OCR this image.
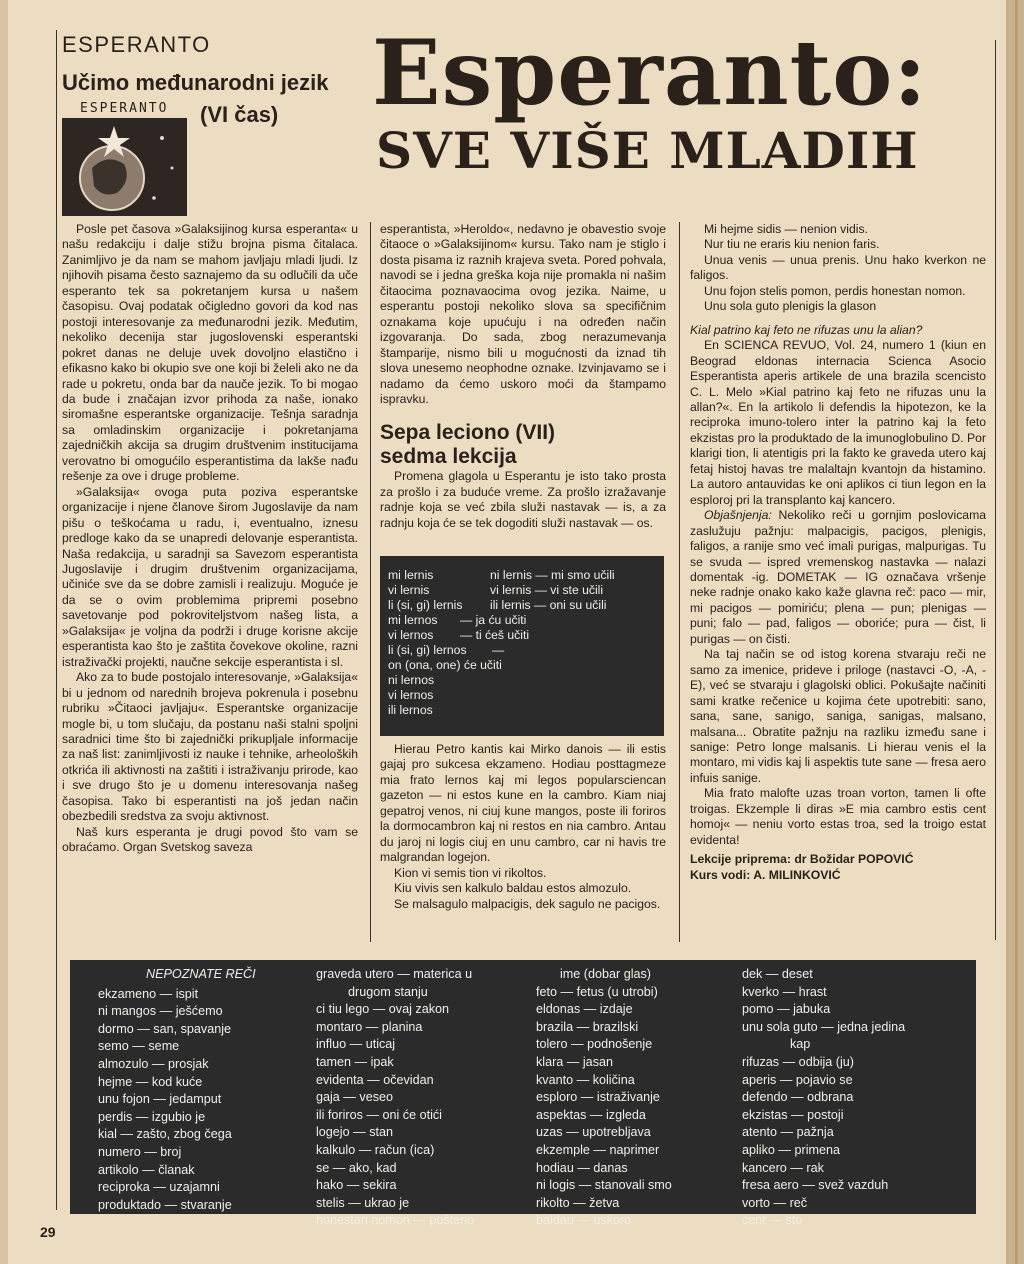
ESPERANTO
Učimo međunarodni jezik
(VI čas)
ESPERANTO Esperanto:
SVE VIŠE MLADIH

Posle pet časova »Galaksijinog kursa esperanta« u našu redakciju i dalje stižu brojna pisma čitalaca. Zanimljivo je da nam se mahom javljaju mladi ljudi. Iz njihovih pisama često saznajemo da su odlučili da uče esperanto tek sa pokretanjem kursa u našem časopisu. Ovaj podatak očigledno govori da kod nas postoji interesovanje za međunarodni jezik. Međutim, nekoliko decenija star jugoslovenski esperantski pokret danas ne deluje uvek dovoljno elastično i efikasno kako bi okupio sve one koji bi želeli ako ne da rade u pokretu, onda bar da nauče jezik. To bi mogao da bude i značajan izvor prihoda za naše, ionako siromašne esperantske organizacije. Tešnja saradnja sa omladinskim organizacije i pokretanjama zajedničkih akcija sa drugim društvenim institucijama verovatno bi omogućilo esperantistima da lakše nađu rešenje za ove i druge probleme.

»Galaksija« ovoga puta poziva esperantske organizacije i njene članove širom Jugoslavije da nam pišu o teškoćama u radu, i, eventualno, iznesu predloge kako da se unapredi delovanje esperantista. Naša redakcija, u saradnji sa Savezom esperantista Jugoslavije i drugim društvenim organizacijama, učiniće sve da se dobre zamisli i realizuju. Moguće je da se o ovim problemima pripremi posebno savetovanje pod pokroviteljstvom našeg lista, a »Galaksija« je voljna da podrži i druge korisne akcije esperantista kao što je zaštita čovekove okoline, razni istraživački projekti, naučne sekcije esperantista i sl.

Ako za to bude postojalo interesovanje, »Galaksija« bi u jednom od narednih brojeva pokrenula i posebnu rubriku »Čitaoci javljaju«. Esperantske organizacije mogle bi, u tom slučaju, da postanu naši stalni spoljni saradnici time što bi zajednički prikupljale informacije za naš list: zanimljivosti iz nauke i tehnike, arheoloških otkrića ili aktivnosti na zaštiti i istraživanju prirode, kao i sve drugo što je u domenu interesovanja našeg časopisa. Tako bi esperantisti na još jedan način obezbedili sredstva za svoju aktivnost.

Naš kurs esperanta je drugi povod što vam se obraćamo. Organ Svetskog saveza

esperantista, »Heroldo«, nedavno je obavestio svoje čitaoce o »Galaksijinom« kursu. Tako nam je stiglo i dosta pisama iz raznih krajeva sveta. Pored pohvala, navodi se i jedna greška koja nije promakla ni našim čitaocima poznavaocima ovog jezika. Naime, u esperantu postoji nekoliko slova sa specifičnim oznakama koje upućuju i na određen način izgovaranja. Do sada, zbog nerazumevanja štamparije, nismo bili u mogućnosti da iznad tih slova unesemo neophodne oznake. Izvinjavamo se i nadamo da ćemo uskoro moći da štampamo ispravku.

Sepa leciono (VII)
sedma lekcija

Promena glagola u Esperantu je isto tako prosta za prošlo i za buduće vreme. Za prošlo izražavanje radnje koja se već zbila služi nastavak — is, a za radnju koja će se tek dogoditi služi nastavak — os.

mi lernis
vi lernis
li (si, gi) lernis
mi lernos
vi lernos
li (si, gi) lernos
on (ona, one) će učiti
ni lernos
vi lernos
ili lernos
ni lernis — mi smo učili
vi lernis — vi ste učili
ili lernis — oni su učili
— ja ću učiti
— ti ćeš učiti
—

Hierau Petro kantis kai Mirko danois — ili estis gajaj pro sukcesa ekzameno. Hodiau posttagmeze mia frato lernos kaj mi legos popularsciencan gazeton — ni estos kune en la cambro. Kiam niaj gepatroj venos, ni ciuj kune mangos, poste ili foriros la dormocambron kaj ni restos en nia cambro. Antau du jaroj ni logis ciuj en unu cambro, car ni havis tre malgrandan logejon.

Kion vi semis tion vi rikoltos.

Kiu vivis sen kalkulo baldau estos almozulo.

Se malsagulo malpacigis, dek sagulo ne pacigos.

Mi hejme sidis — nenion vidis.

Nur tiu ne eraris kiu nenion faris.

Unua venis — unua prenis. Unu hako kverkon ne faligos.

Unu fojon stelis pomon, perdis honestan nomon.

Unu sola guto plenigis la glason

Kial patrino kaj feto ne rifuzas unu la alian?

En SCIENCA REVUO, Vol. 24, numero 1 (kiun en Beograd eldonas internacia Scienca Asocio Esperantista aperis artikele de una brazila scencisto C. L. Melo »Kial patrino kaj feto ne rifuzas unu la allan?«. En la artikolo li defendis la hipotezon, ke la reciproka imuno-tolero inter la patrino kaj la feto ekzistas pro la produktado de la imunoglobulino D. Por klarigi tion, li atentigis pri la fakto ke graveda utero kaj fetaj histoj havas tre malaltajn kvantojn da histamino. La autoro antauvidas ke oni aplikos ci tiun legon en la esploroj pri la transplanto kaj kancero.

Objašnjenja: Nekoliko reči u gornjim poslovicama zaslužuju pažnju: malpacigis, pacigos, plenigis, faligos, a ranije smo već imali purigas, malpurigas. Tu se svuda — ispred vremenskog nastavka — nalazi domentak -ig. DOMETAK — IG označava vršenje neke radnje onako kako kaže glavna reč: paco — mir, mi pacigos — pomiriću; plena — pun; plenigas — puni; falo — pad, faligos — oboriće; pura — čist, li purigas — on čisti.

Na taj način se od istog korena stvaraju reči ne samo za imenice, prideve i priloge (nastavci -O, -A, -E), već se stvaraju i glagolski oblici. Pokušajte načiniti sami kratke rečenice u kojima ćete upotrebiti: sano, sana, sane, sanigo, saniga, sanigas, malsano, malsana... Obratite pažnju na razliku između sane i sanige: Petro longe malsanis. Li hierau venis el la montaro, mi vidis kaj li aspektis tute sane — fresa aero infuis sanige.

Mia frato malofte uzas troan vorton, tamen li ofte troigas. Ekzemple li diras »E mia cambro estis cent homoj« — neniu vorto estas troa, sed la troigo estat evidenta!

Lekcije priprema: dr Božidar POPOVIĆ
Kurs vodi: A. MILINKOVIĆ
NEPOZNATE REČI
ekzameno — ispit
ni mangos — ješćemo
dormo — san, spavanje
semo — seme
almozulo — prosjak
hejme — kod kuće
unu fojon — jedamput
perdis — izgubio je
kial — zašto, zbog čega
numero — broj
artikolo — članak
reciproka — uzajamni
produktado — stvaranje
graveda utero — materica u
drugom stanju
ci tiu lego — ovaj zakon
montaro — planina
influo — uticaj
tamen — ipak
evidenta — očevidan
gaja — veseo
ili foriros — oni će otići
logejo — stan
kalkulo — račun (ica)
se — ako, kad
hako — sekira
stelis — ukrao je
honestan nomon — pošteno
ime (dobar glas)
feto — fetus (u utrobi)
eldonas — izdaje
brazila — brazilski
tolero — podnošenje
klara — jasan
kvanto — količina
esploro — istraživanje
aspektas — izgleda
uzas — upotrebljava
ekzemple — naprimer
hodiau — danas
ni logis — stanovali smo
rikolto — žetva
baldau — uskoro
dek — deset
kverko — hrast
pomo — jabuka
unu sola guto — jedna jedina
kap
rifuzas — odbija (ju)
aperis — pojavio se
defendo — odbrana
ekzistas — postoji
atento — pažnja
apliko — primena
kancero — rak
fresa aero — svež vazduh
vorto — reč
cent — sto
29
